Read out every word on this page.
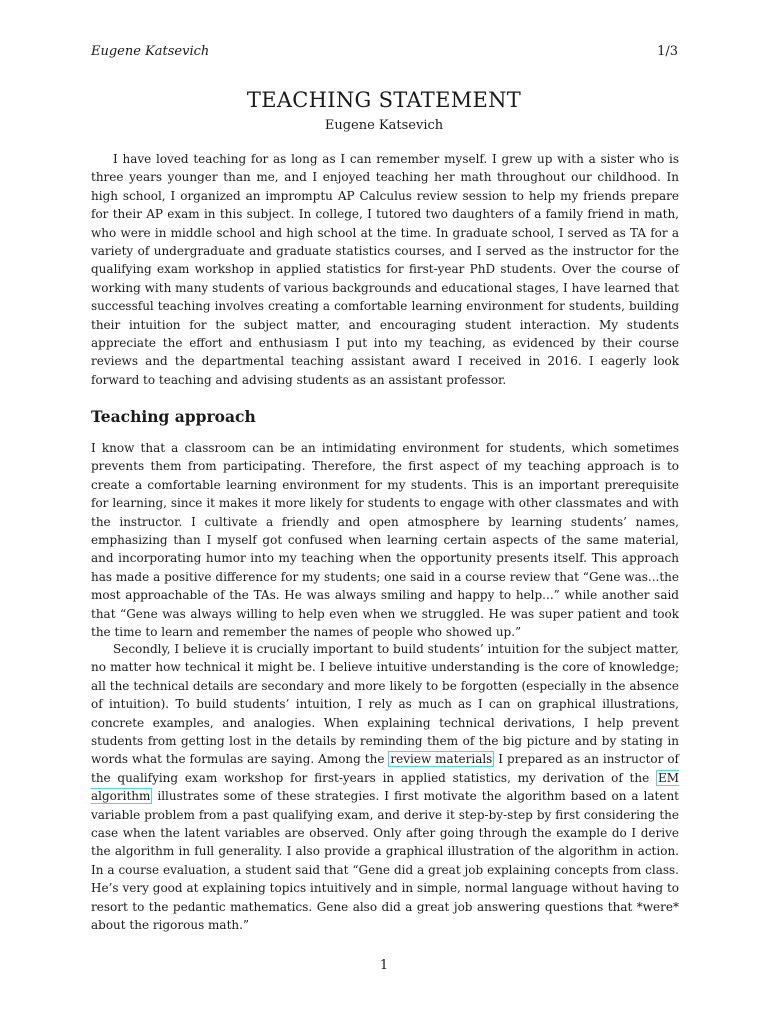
Eugene Katsevich	1/3
TEACHING STATEMENT

Eugene Katsevich

I have loved teaching for as long as I can remember myself. I grew up with a sister who is three years younger than me, and I enjoyed teaching her math throughout our childhood. In high school, I organized an impromptu AP Calculus review session to help my friends prepare for their AP exam in this subject. In college, I tutored two daughters of a family friend in math, who were in middle school and high school at the time. In graduate school, I served as TA for a variety of undergraduate and graduate statistics courses, and I served as the instructor for the qualifying exam workshop in applied statistics for first-year PhD students. Over the course of working with many students of various backgrounds and educational stages, I have learned that successful teaching involves creating a comfortable learning environment for students, building their intuition for the subject matter, and encouraging student interaction. My students appreciate the effort and enthusiasm I put into my teaching, as evidenced by their course reviews and the departmental teaching assistant award I received in 2016. I eagerly look forward to teaching and advising students as an assistant professor.

Teaching approach

I know that a classroom can be an intimidating environment for students, which sometimes prevents them from participating. Therefore, the first aspect of my teaching approach is to create a comfortable learning environment for my students. This is an important prerequisite for learning, since it makes it more likely for students to engage with other classmates and with the instructor. I cultivate a friendly and open atmosphere by learning students’ names, emphasizing than I myself got confused when learning certain aspects of the same material, and incorporating humor into my teaching when the opportunity presents itself. This approach has made a positive difference for my students; one said in a course review that “Gene was...the most approachable of the TAs. He was always smiling and happy to help...” while another said that “Gene was always willing to help even when we struggled. He was super patient and took the time to learn and remember the names of people who showed up.”

Secondly, I believe it is crucially important to build students’ intuition for the subject matter, no matter how technical it might be. I believe intuitive understanding is the core of knowledge; all the technical details are secondary and more likely to be forgotten (especially in the absence of intuition). To build students’ intuition, I rely as much as I can on graphical illustrations, concrete examples, and analogies. When explaining technical derivations, I help prevent students from getting lost in the details by reminding them of the big picture and by stating in words what the formulas are saying. Among the review materials I prepared as an instructor of the qualifying exam workshop for first-years in applied statistics, my derivation of the EM algorithm illustrates some of these strategies. I first motivate the algorithm based on a latent variable problem from a past qualifying exam, and derive it step-by-step by first considering the case when the latent variables are observed. Only after going through the example do I derive the algorithm in full generality. I also provide a graphical illustration of the algorithm in action. In a course evaluation, a student said that “Gene did a great job explaining concepts from class. He’s very good at explaining topics intuitively and in simple, normal language without having to resort to the pedantic mathematics. Gene also did a great job answering questions that *were* about the rigorous math.”

1
